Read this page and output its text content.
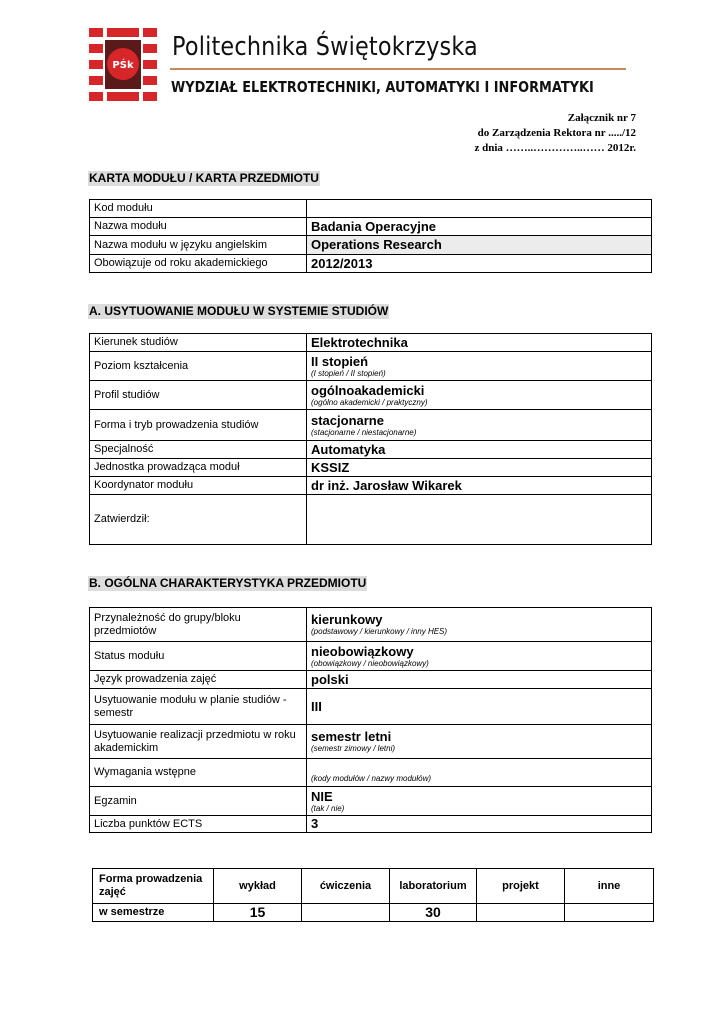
PŚk
Politechnika Świętokrzyska
WYDZIAŁ ELEKTROTECHNIKI, AUTOMATYKI I INFORMATYKI
Załącznik nr 7
do Zarządzenia Rektora nr ...../12
z dnia ……..…………..…… 2012r.
KARTA MODUŁU / KARTA PRZEDMIOTU
Kod modułu	
Nazwa modułu	Badania Operacyjne
Nazwa modułu w języku angielskim	Operations Research
Obowiązuje od roku akademickiego	2012/2013
A. USYTUOWANIE MODUŁU W SYSTEMIE STUDIÓW
Kierunek studiów	Elektrotechnika
Poziom kształcenia	II stopień
(I stopień / II stopień)

Profil studiów	ogólnoakademicki
(ogólno akademicki / praktyczny)

Forma i tryb prowadzenia studiów	stacjonarne
(stacjonarne / niestacjonarne)

Specjalność	Automatyka
Jednostka prowadząca moduł	KSSIZ
Koordynator modułu	dr inż. Jarosław Wikarek
Zatwierdził:	
B. OGÓLNA CHARAKTERYSTYKA PRZEDMIOTU
Przynależność do grupy/bloku przedmiotów	kierunkowy
(podstawowy / kierunkowy / inny HES)

Status modułu	nieobowiązkowy
(obowiązkowy / nieobowiązkowy)

Język prowadzenia zajęć	polski
Usytuowanie modułu w planie studiów - semestr	III
Usytuowanie realizacji przedmiotu w roku akademickim	semestr letni
(semestr zimowy / letni)

Wymagania wstępne	(kody modułów / nazwy modułów)

Egzamin	NIE
(tak / nie)

Liczba punktów ECTS	3
Forma prowadzenia zajęć	wykład	ćwiczenia	laboratorium	projekt	inne
w semestrze	15		30		
